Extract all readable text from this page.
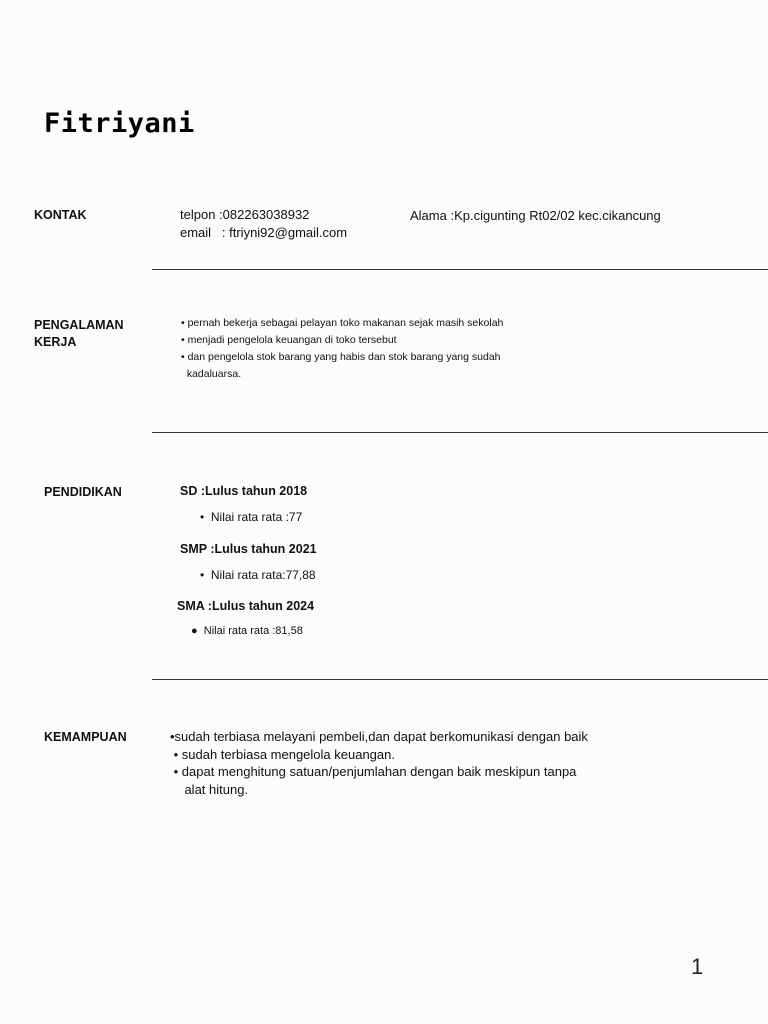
Fitriyani
KONTAK	telpon :082263038932
email   : ftriyni92@gmail.com
Alama :Kp.cigunting Rt02/02 kec.cikancung
PENGALAMAN
KERJA
• pernah bekerja sebagai pelayan toko makanan sejak masih sekolah
• menjadi pengelola keuangan di toko tersebut
• dan pengelola stok barang yang habis dan stok barang yang sudah
kadaluarsa.
PENDIDIKAN	SD :Lulus tahun 2018
•  Nilai rata rata :77
SMP :Lulus tahun 2021
•  Nilai rata rata:77,88
SMA :Lulus tahun 2024
●  Nilai rata rata :81,58
KEMAMPUAN	•sudah terbiasa melayani pembeli,dan dapat berkomunikasi dengan baik
• sudah terbiasa mengelola keuangan.
• dapat menghitung satuan/penjumlahan dengan baik meskipun tanpa
alat hitung.
1
